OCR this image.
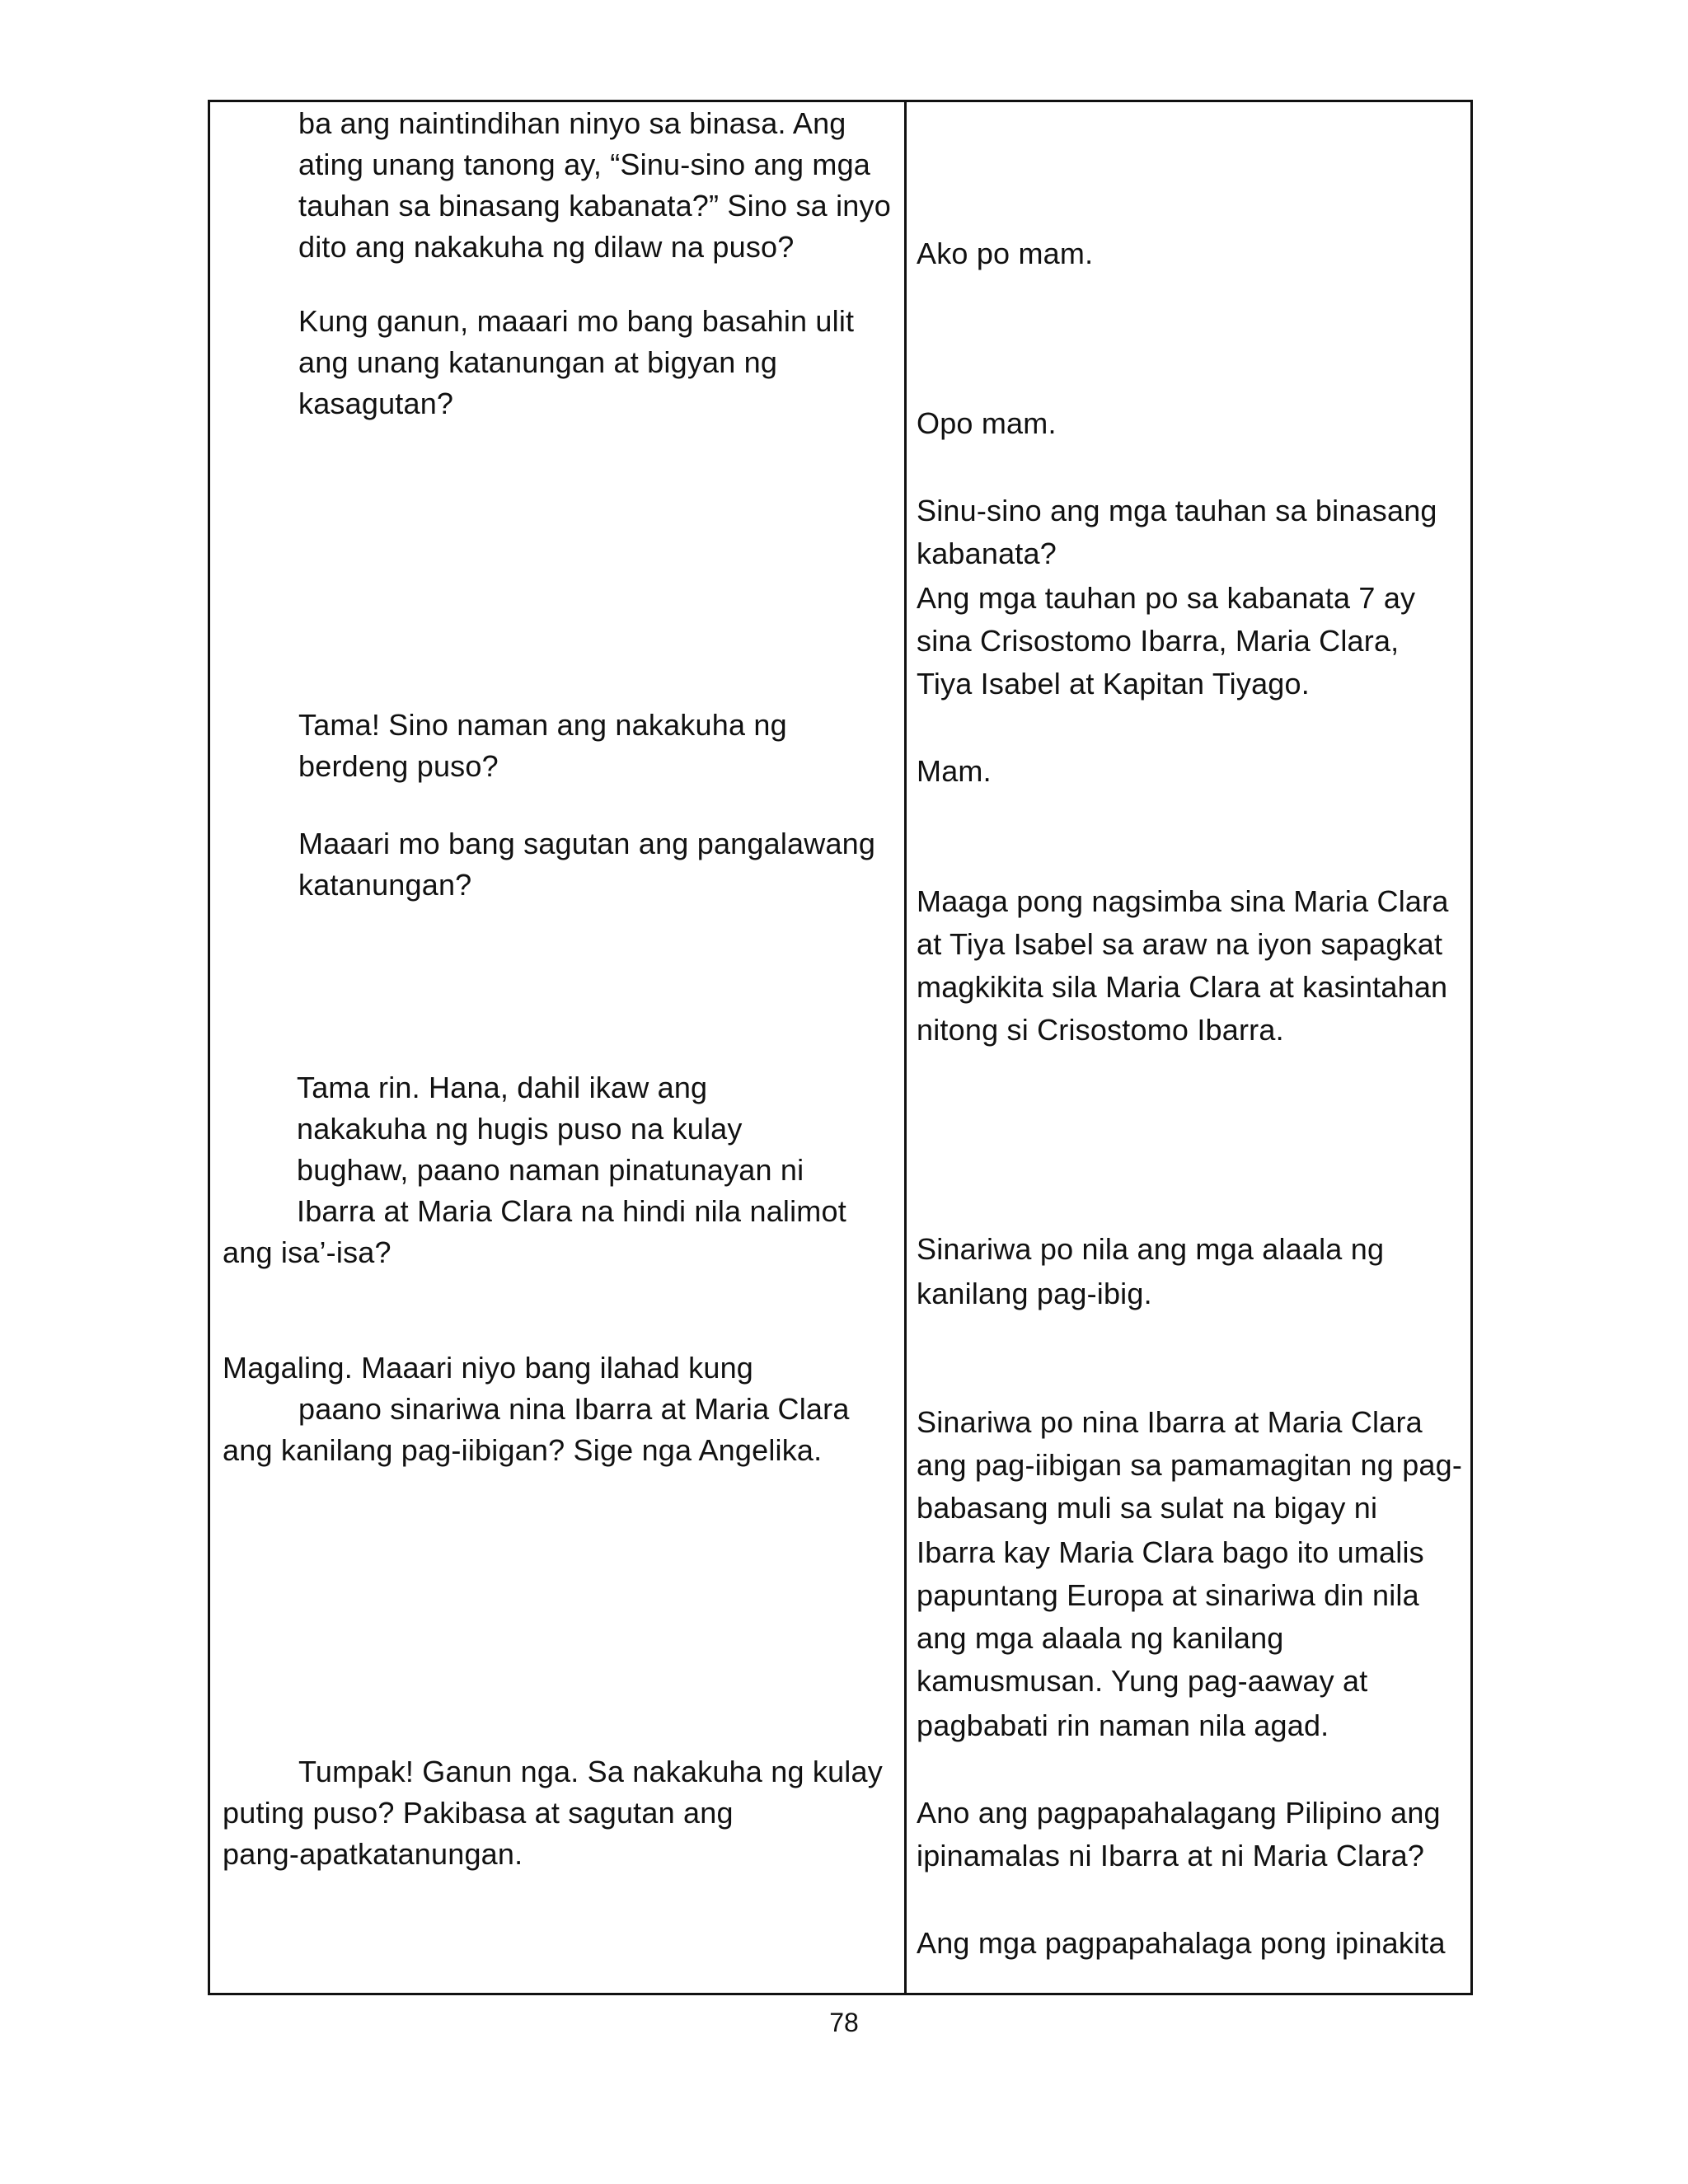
ba ang naintindihan ninyo sa binasa. Ang
ating unang tanong ay, “Sinu-sino ang mga
tauhan sa binasang kabanata?” Sino sa inyo
dito ang nakakuha ng dilaw na puso?
Kung ganun, maaari mo bang basahin ulit
ang unang katanungan at bigyan ng
kasagutan?
Tama! Sino naman ang nakakuha ng
berdeng puso?
Maaari mo bang sagutan ang pangalawang
katanungan?
Tama rin. Hana, dahil ikaw ang
nakakuha ng hugis puso na kulay
bughaw, paano naman pinatunayan ni
Ibarra at Maria Clara na hindi nila nalimot
ang isa’-isa?
Magaling. Maaari niyo bang ilahad kung
paano sinariwa nina Ibarra at Maria Clara
ang kanilang pag-iibigan? Sige nga Angelika.
Tumpak! Ganun nga. Sa nakakuha ng kulay
puting puso? Pakibasa at sagutan ang
pang-apatkatanungan.
Ako po mam.
Opo mam.
Sinu-sino ang mga tauhan sa binasang
kabanata?
Ang mga tauhan po sa kabanata 7 ay
sina Crisostomo Ibarra, Maria Clara,
Tiya Isabel at Kapitan Tiyago.
Mam.
Maaga pong nagsimba sina Maria Clara
at Tiya Isabel sa araw na iyon sapagkat
magkikita sila Maria Clara at kasintahan
nitong si Crisostomo Ibarra.
Sinariwa po nila ang mga alaala ng
kanilang pag-ibig.
Sinariwa po nina Ibarra at Maria Clara
ang pag-iibigan sa pamamagitan ng pag-
babasang muli sa sulat na bigay ni
Ibarra kay Maria Clara bago ito umalis
papuntang Europa at sinariwa din nila
ang mga alaala ng kanilang
kamusmusan. Yung pag-aaway at
pagbabati rin naman nila agad.
Ano ang pagpapahalagang Pilipino ang
ipinamalas ni Ibarra at ni Maria Clara?
Ang mga pagpapahalaga pong ipinakita
78
